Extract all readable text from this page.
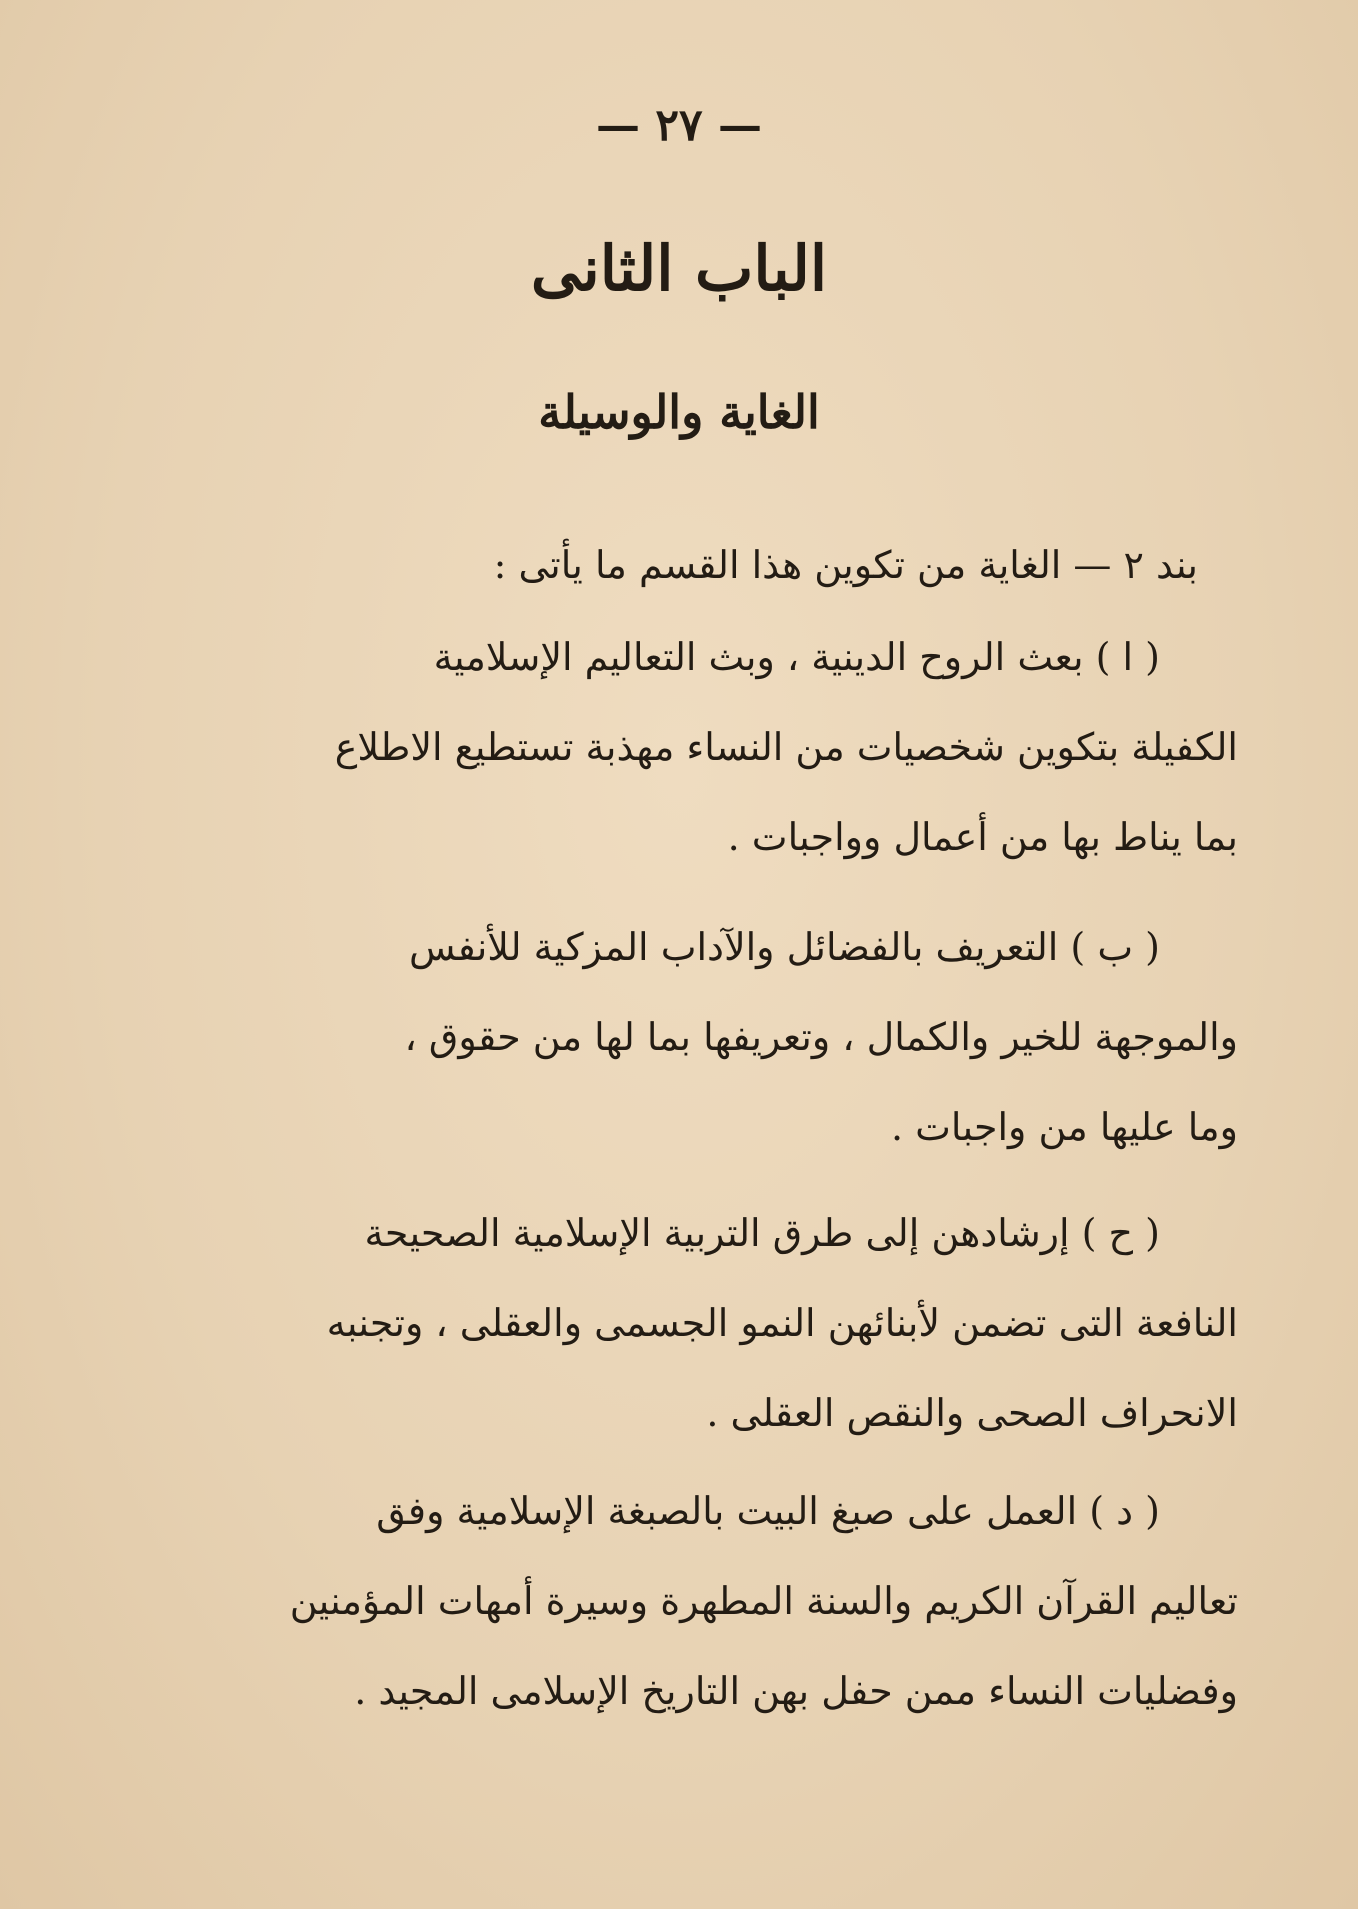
— ٢٧ —
الباب الثانى
الغاية والوسيلة
بند ٢ — الغاية من تكوين هذا القسم ما يأتى :
( ا ) بعث الروح الدينية ، وبث التعاليم الإسلامية
الكفيلة بتكوين شخصيات من النساء مهذبة تستطيع الاطلاع
بما يناط بها من أعمال وواجبات .
( ب ) التعريف بالفضائل والآداب المزكية للأنفس
والموجهة للخير والكمال ، وتعريفها بما لها من حقوق ،
وما عليها من واجبات .
( ح ) إرشادهن إلى طرق التربية الإسلامية الصحيحة
النافعة التى تضمن لأبنائهن النمو الجسمى والعقلى ، وتجنبه
الانحراف الصحى والنقص العقلى .
( د ) العمل على صبغ البيت بالصبغة الإسلامية وفق
تعاليم القرآن الكريم والسنة المطهرة وسيرة أمهات المؤمنين
وفضليات النساء ممن حفل بهن التاريخ الإسلامى المجيد .
